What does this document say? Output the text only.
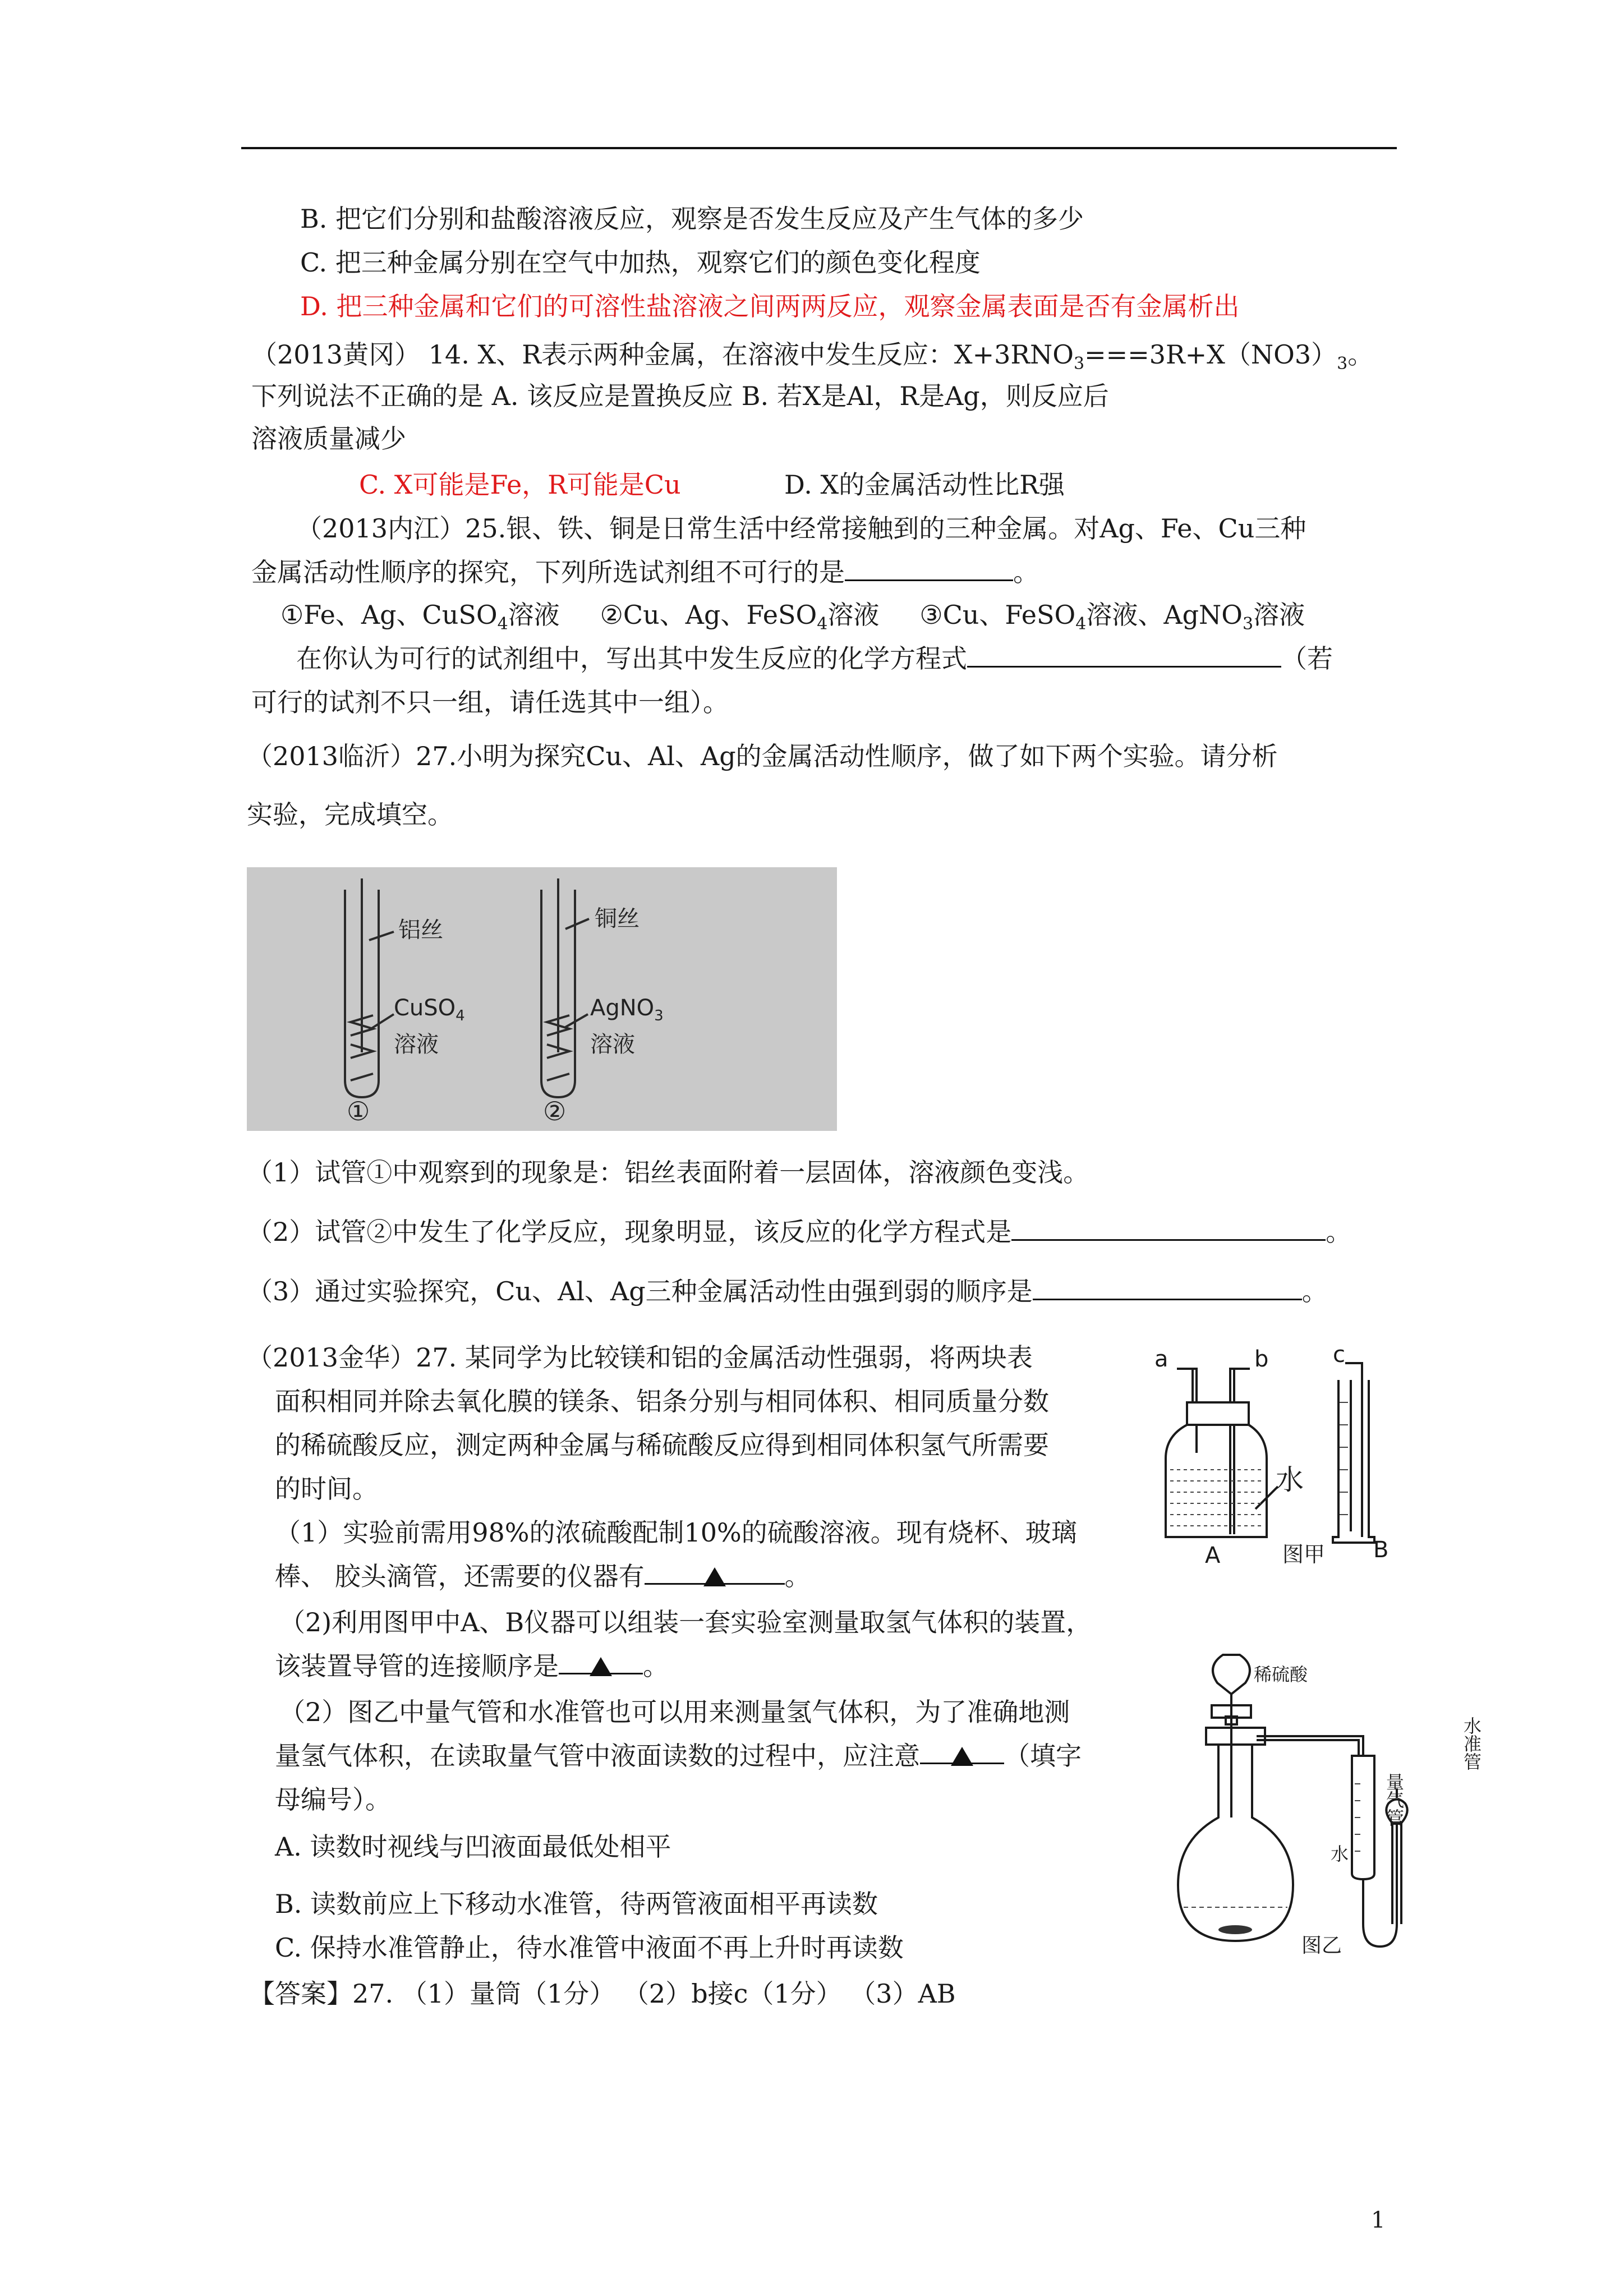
B. 把它们分别和盐酸溶液反应，观察是否发生反应及产生气体的多少
C. 把三种金属分别在空气中加热，观察它们的颜色变化程度
D. 把三种金属和它们的可溶性盐溶液之间两两反应，观察金属表面是否有金属析出
（2013黄冈） 14. X、R表示两种金属，在溶液中发生反应：$X+3RNO_3===3R+X(NO3)_3$。
下列说法不正确的是 A. 该反应是置换反应 B. 若X是Al，R是Ag，则反应后
溶液质量减少
C. X可能是Fe，R可能是Cu	D. X的金属活动性比R强
（2013内江）25.银、铁、铜是日常生活中经常接触到的三种金属。对Ag、Fe、Cu三种
金属活动性顺序的探究，下列所选试剂组不可行的是	。
①Fe、Ag、CuSO$_4$溶液 ②Cu、Ag、FeSO$_4$溶液 ③Cu、FeSO$_4$溶液、AgNO$_3$溶液
在你认为可行的试剂组中，写出其中发生反应的化学方程式	（若
可行的试剂不只一组，请任选其中一组）。
（2013临沂）27.小明为探究Cu、Al、Ag的金属活动性顺序，做了如下两个实验。请分析
实验，完成填空。
铝丝
CuSO$_4$
溶液
①
铜丝
AgNO$_3$
溶液
②
（1）试管①中观察到的现象是：铝丝表面附着一层固体，溶液颜色变浅。
（2）试管②中发生了化学反应，现象明显，该反应的化学方程式是	。
（3）通过实验探究，Cu、Al、Ag三种金属活动性由强到弱的顺序是	。
（2013金华）27. 某同学为比较镁和铝的金属活动性强弱，将两块表
面积相同并除去氧化膜的镁条、铝条分别与相同体积、相同质量分数
的稀硫酸反应，测定两种金属与稀硫酸反应得到相同体积氢气所需要
的时间。
（1）实验前需用98%的浓硫酸配制10%的硫酸溶液。现有烧杯、玻璃
棒、 胶头滴管，还需要的仪器有	。
（2)利用图甲中A、B仪器可以组装一套实验室测量取氢气体积的装置，
该装置导管的连接顺序是	。
（2）图乙中量气管和水准管也可以用来测量氢气体积，为了准确地测
量氢气体积，在读取量气管中液面读数的过程中，应注意	（填字
母编号）。
A. 读数时视线与凹液面最低处相平
B. 读数前应上下移动水准管，待两管液面相平再读数
C. 保持水准管静止，待水准管中液面不再上升时再读数
【答案】27. （1）量筒（1分） （2）b接c（1分） （3）AB
a	b	c
水
A	图甲 B
稀硫酸
水
量气管
水准管
图乙
1
